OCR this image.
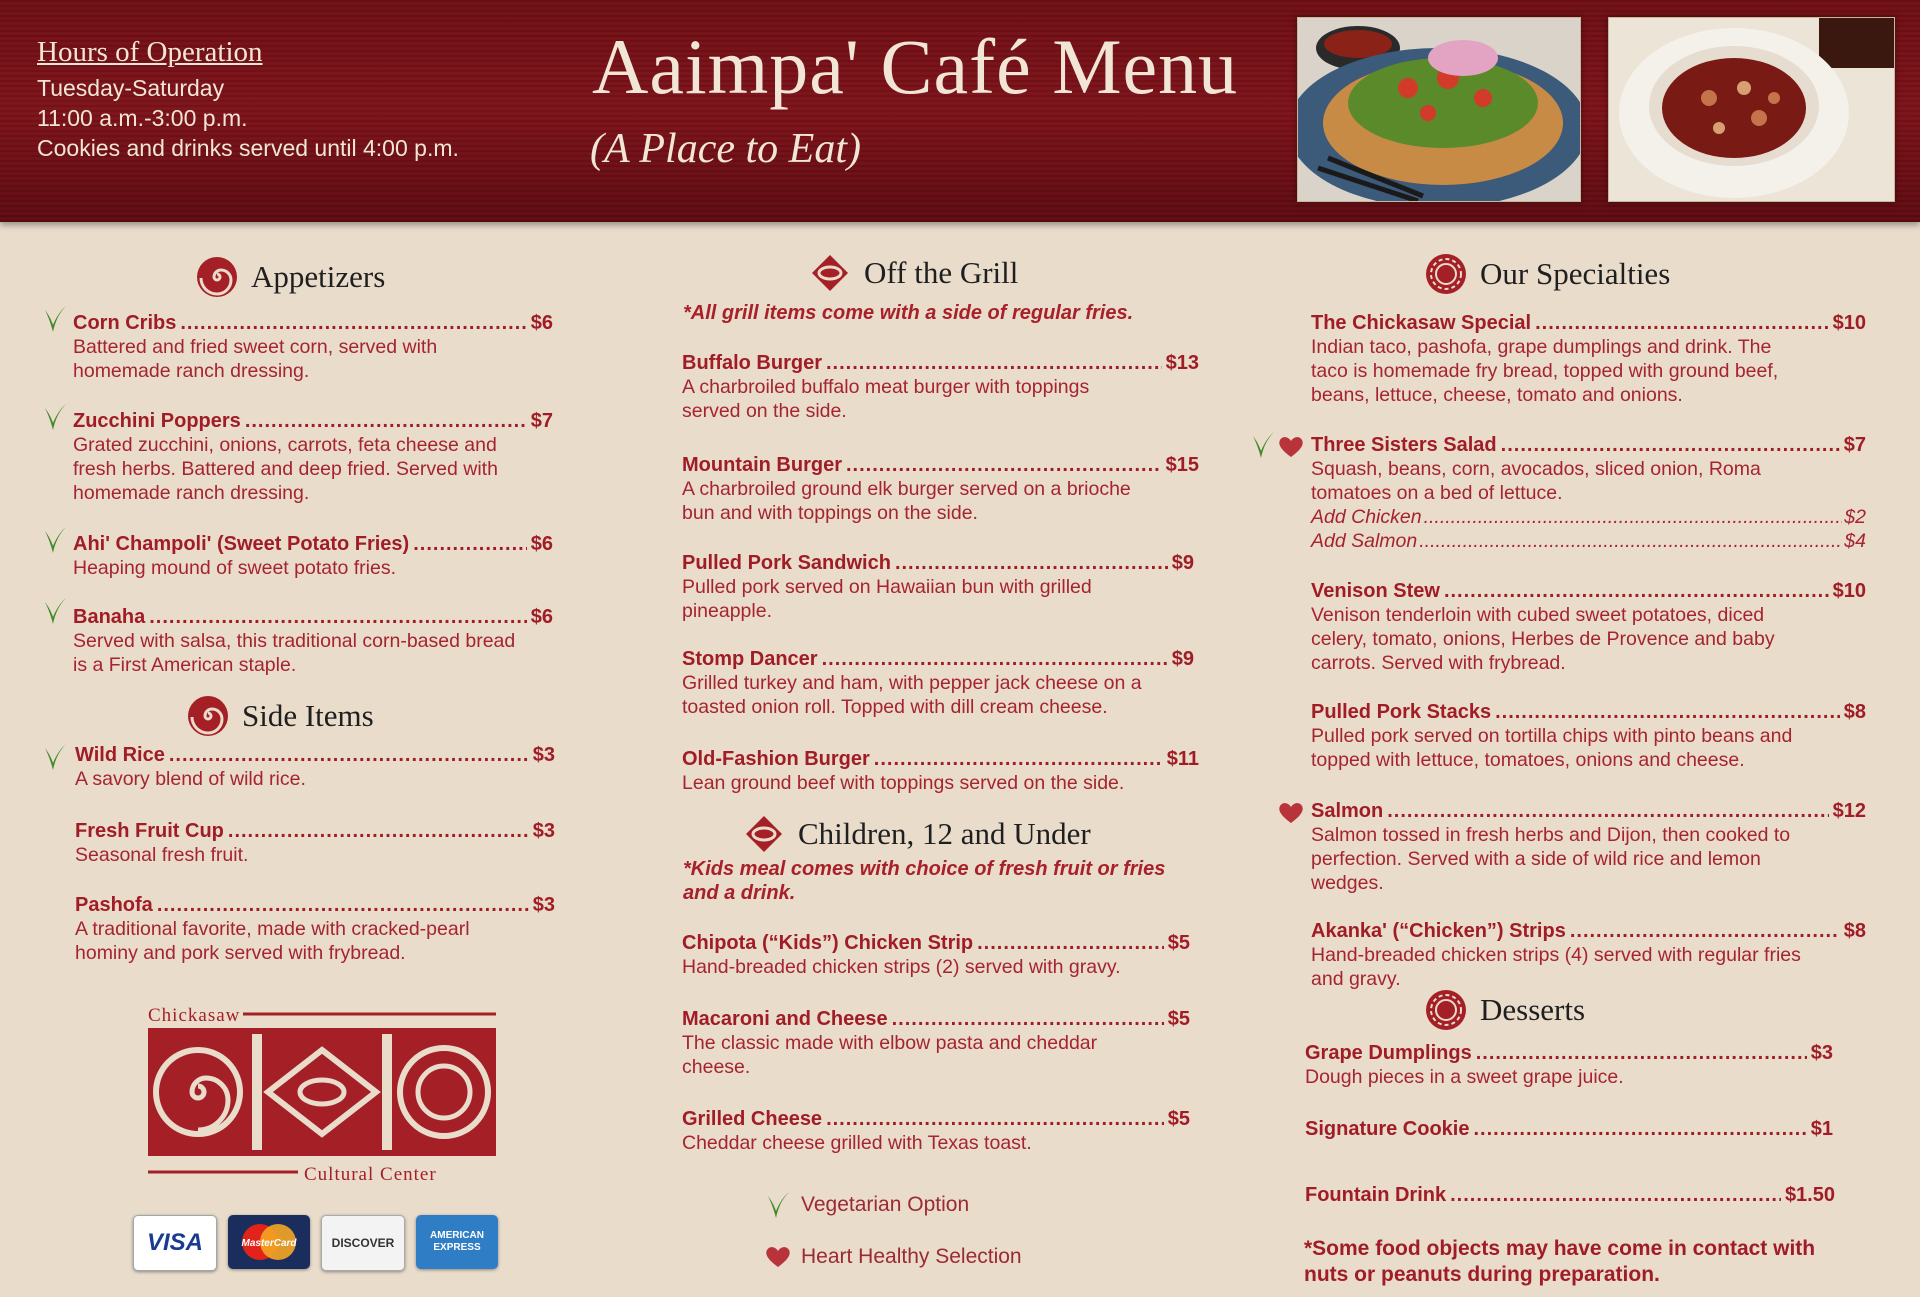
Hours of Operation
Tuesday-Saturday
11:00 a.m.-3:00 p.m.
Cookies and drinks served until 4:00 p.m.
Aaimpa' Café Menu
(A Place to Eat)
Appetizers
Corn Cribs .....	$6
Battered and fried sweet corn, served with homemade ranch dressing.
Zucchini Poppers .....	$7
Grated zucchini, onions, carrots, feta cheese and fresh herbs. Battered and deep fried. Served with homemade ranch dressing.
Ahi' Champoli' (Sweet Potato Fries) .....	$6
Heaping mound of sweet potato fries.
Banaha .....	$6
Served with salsa, this traditional corn-based bread is a First American staple.
Side Items
Wild Rice .....	$3
A savory blend of wild rice.
Fresh Fruit Cup .....	$3
Seasonal fresh fruit.
Pashofa .....	$3
A traditional favorite, made with cracked-pearl hominy and pork served with frybread.
Chickasaw
Cultural Center
VISA	MasterCard	DISCOVER
AMERICAN EXPRESS
Off the Grill
*All grill items come with a side of regular fries.
Buffalo Burger .....	$13
A charbroiled buffalo meat burger with toppings served on the side.
Mountain Burger .....	$15
A charbroiled ground elk burger served on a brioche bun and with toppings on the side.
Pulled Pork Sandwich .....	$9
Pulled pork served on Hawaiian bun with grilled pineapple.
Stomp Dancer .....	$9
Grilled turkey and ham, with pepper jack cheese on a toasted onion roll. Topped with dill cream cheese.
Old-Fashion Burger .....	$11
Lean ground beef with toppings served on the side.
Children, 12 and Under
*Kids meal comes with choice of fresh fruit or fries and a drink.
Chipota (“Kids”) Chicken Strip .....	$5
Hand-breaded chicken strips (2) served with gravy.
Macaroni and Cheese .....	$5
The classic made with elbow pasta and cheddar cheese.
Grilled Cheese .....	$5
Cheddar cheese grilled with Texas toast.
Vegetarian Option
Heart Healthy Selection
Our Specialties
The Chickasaw Special .....	$10
Indian taco, pashofa, grape dumplings and drink. The taco is homemade fry bread, topped with ground beef, beans, lettuce, cheese, tomato and onions.
Three Sisters Salad .....	$7
Squash, beans, corn, avocados, sliced onion, Roma tomatoes on a bed of lettuce.
Add Chicken .....	$2
Add Salmon .....	$4
Venison Stew .....	$10
Venison tenderloin with cubed sweet potatoes, diced celery, tomato, onions, Herbes de Provence and baby carrots. Served with frybread.
Pulled Pork Stacks .....	$8
Pulled pork served on tortilla chips with pinto beans and topped with lettuce, tomatoes, onions and cheese.
Salmon .....	$12
Salmon tossed in fresh herbs and Dijon, then cooked to perfection. Served with a side of wild rice and lemon wedges.
Akanka' (“Chicken”) Strips .....	$8
Hand-breaded chicken strips (4) served with regular fries and gravy.
Desserts
Grape Dumplings .....	$3
Dough pieces in a sweet grape juice.
Signature Cookie .....	$1
Fountain Drink .....	$1.50
*Some food objects may have come in contact with nuts or peanuts during preparation.
